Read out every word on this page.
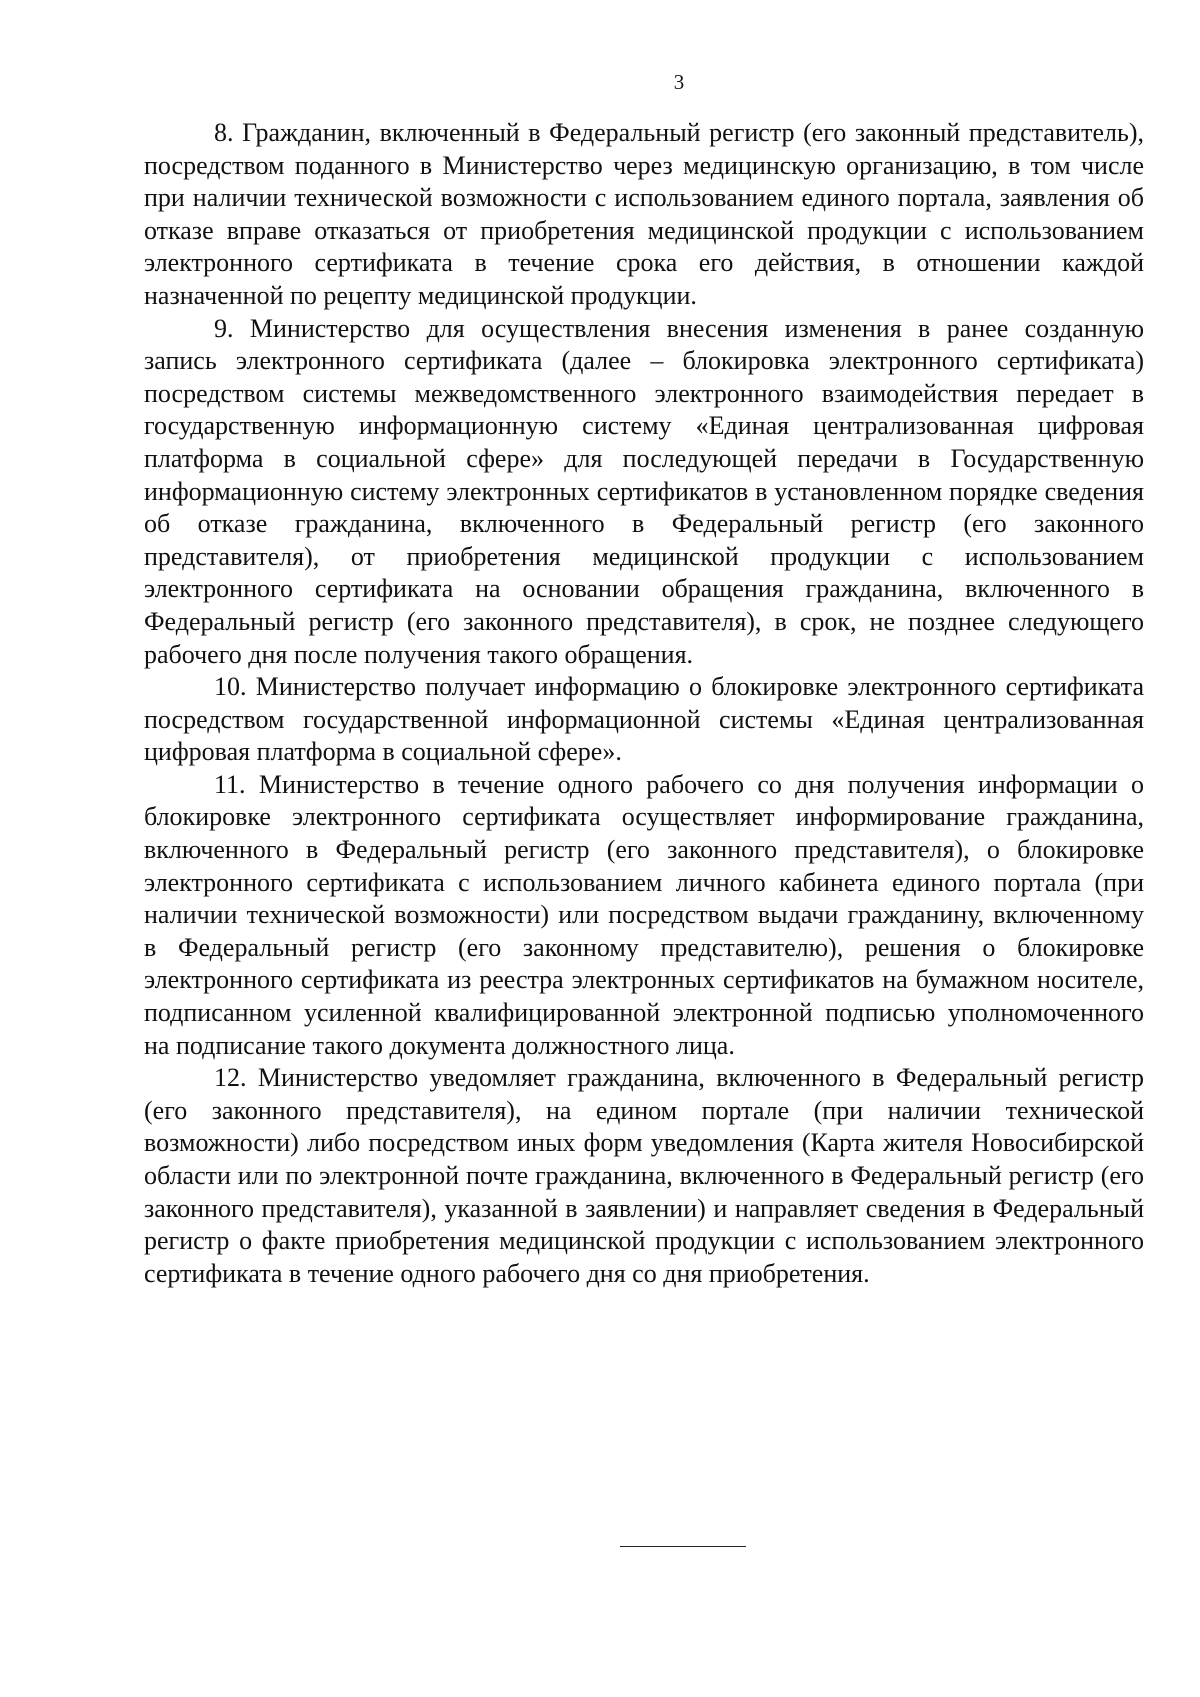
3

8. Гражданин, включенный в Федеральный регистр (его законный представитель), посредством поданного в Министерство через медицинскую организацию, в том числе при наличии технической возможности с использованием единого портала, заявления об отказе вправе отказаться от приобретения медицинской продукции с использованием электронного сертификата в течение срока его действия, в отношении каждой назначенной по рецепту медицинской продукции.

9. Министерство для осуществления внесения изменения в ранее созданную запись электронного сертификата (далее – блокировка электронного сертификата) посредством системы межведомственного электронного взаимодействия передает в государственную информационную систему «Единая централизованная цифровая платформа в социальной сфере» для последующей передачи в Государственную информационную систему электронных сертификатов в установленном порядке сведения об отказе гражданина, включенного в Федеральный регистр (его законного представителя), от приобретения медицинской продукции с использованием электронного сертификата на основании обращения гражданина, включенного в Федеральный регистр (его законного представителя), в срок, не позднее следующего рабочего дня после получения такого обращения.

10. Министерство получает информацию о блокировке электронного сертификата посредством государственной информационной системы «Единая централизованная цифровая платформа в социальной сфере».

11. Министерство в течение одного рабочего со дня получения информации о блокировке электронного сертификата осуществляет информирование гражданина, включенного в Федеральный регистр (его законного представителя), о блокировке электронного сертификата с использованием личного кабинета единого портала (при наличии технической возможности) или посредством выдачи гражданину, включенному в Федеральный регистр (его законному представителю), решения о блокировке электронного сертификата из реестра электронных сертификатов на бумажном носителе, подписанном усиленной квалифицированной электронной подписью уполномоченного на подписание такого документа должностного лица.

12. Министерство уведомляет гражданина, включенного в Федеральный регистр (его законного представителя), на едином портале (при наличии технической возможности) либо посредством иных форм уведомления (Карта жителя Новосибирской области или по электронной почте гражданина, включенного в Федеральный регистр (его законного представителя), указанной в заявлении) и направляет сведения в Федеральный регистр о факте приобретения медицинской продукции с использованием электронного сертификата в течение одного рабочего дня со дня приобретения.
